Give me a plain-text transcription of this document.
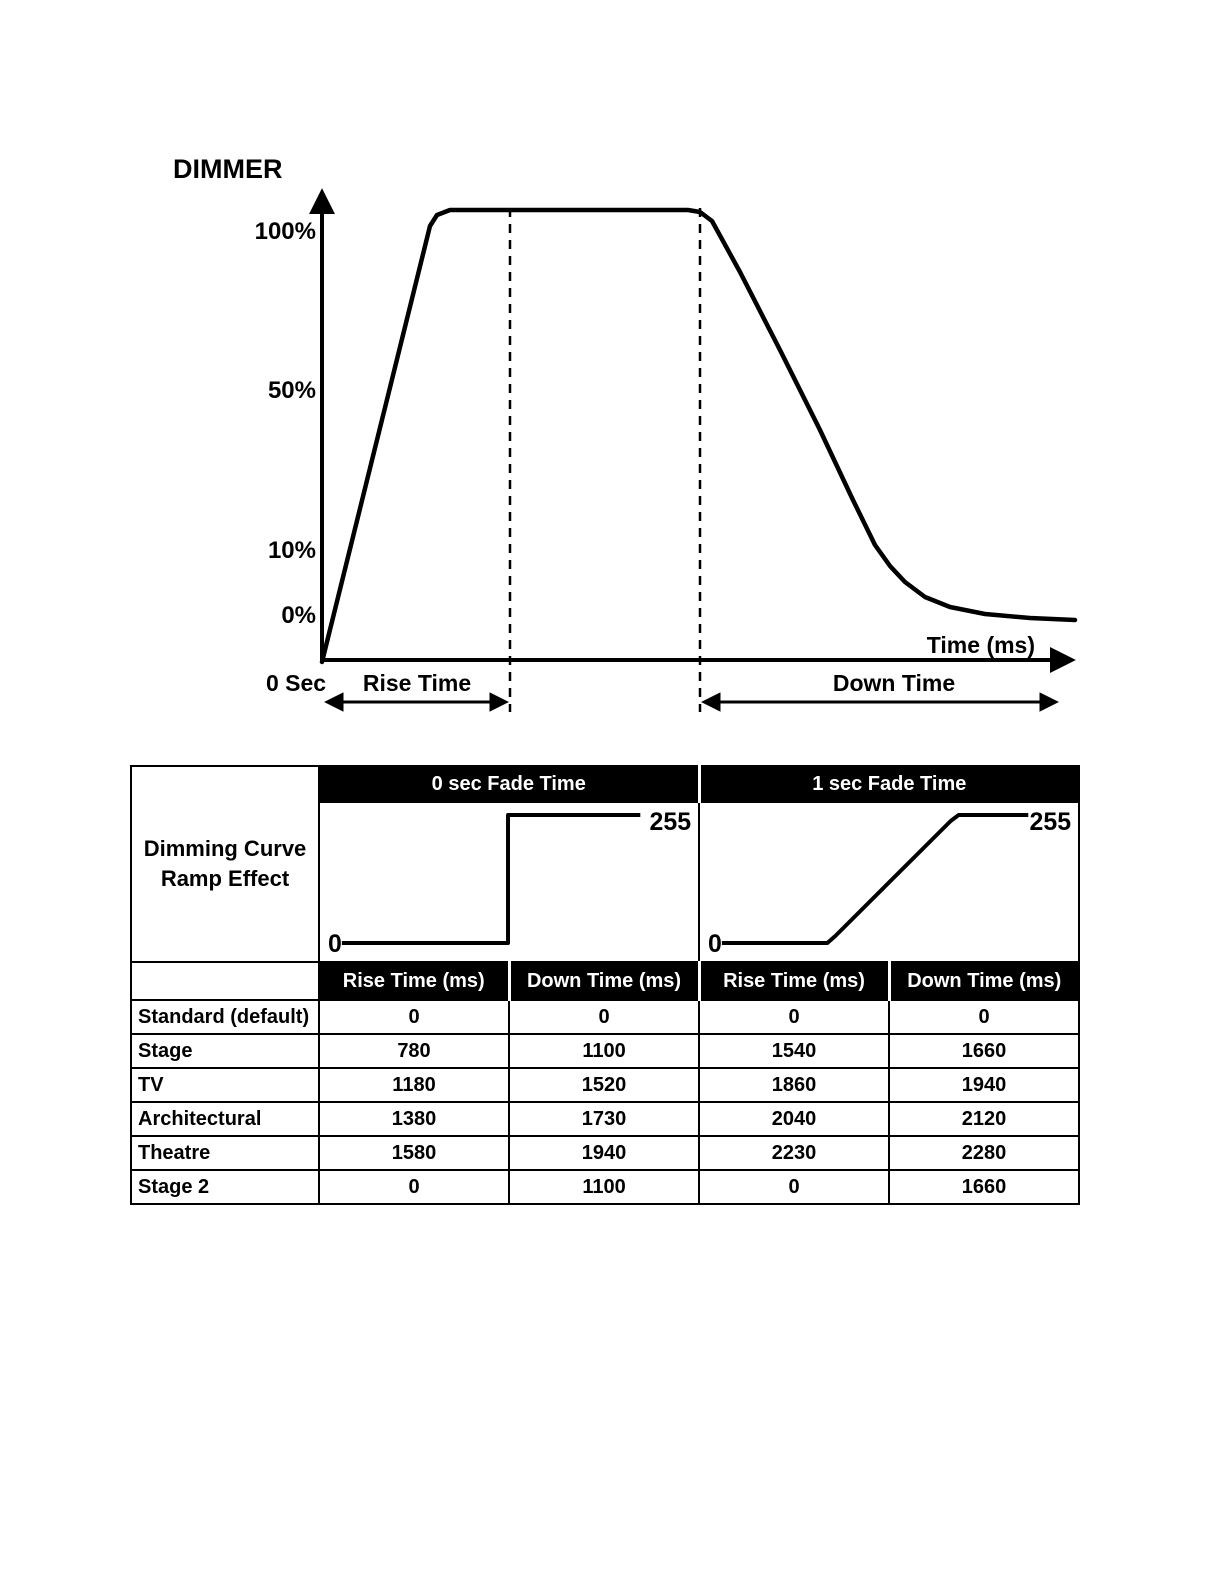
DIMMER
100%
50%
10%
0%
Time (ms)
0 Sec Rise Time	Down Time
Dimming Curve
Ramp Effect	0 sec Fade Time		1 sec Fade Time	

0
255		0
255	

	Rise Time (ms)	Down Time (ms)	Rise Time (ms)	Down Time (ms)
Standard (default)	0	0	0	0
Stage	780	1100	1540	1660
TV	1180	1520	1860	1940
Architectural	1380	1730	2040	2120
Theatre	1580	1940	2230	2280
Stage 2	0	1100	0	1660
